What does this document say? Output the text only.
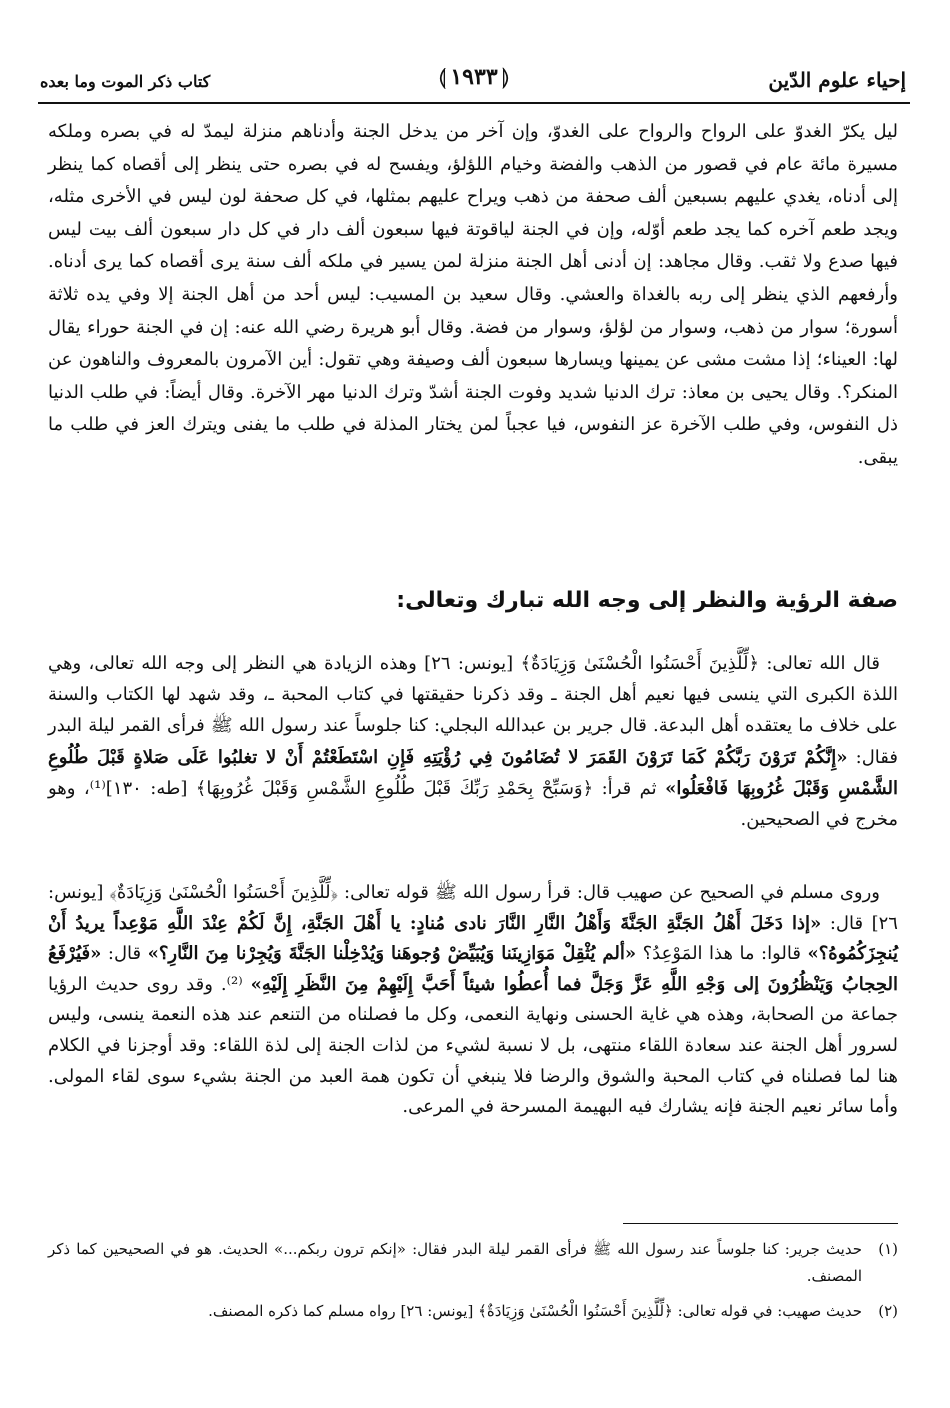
إحياء علوم الدّين
⟬ ١٩٣٣ ⟭
كتاب ذكر الموت وما بعده

ليل يكرّ الغدوّ على الرواح والرواح على الغدوّ، وإن آخر من يدخل الجنة وأدناهم منزلة ليمدّ له في بصره وملكه مسيرة مائة عام في قصور من الذهب والفضة وخيام اللؤلؤ، ويفسح له في بصره حتى ينظر إلى أقصاه كما ينظر إلى أدناه، يغدي عليهم بسبعين ألف صحفة من ذهب ويراح عليهم بمثلها، في كل صحفة لون ليس في الأخرى مثله، ويجد طعم آخره كما يجد طعم أوّله، وإن في الجنة لياقوتة فيها سبعون ألف دار في كل دار سبعون ألف بيت ليس فيها صدع ولا ثقب. وقال مجاهد: إن أدنى أهل الجنة منزلة لمن يسير في ملكه ألف سنة يرى أقصاه كما يرى أدناه. وأرفعهم الذي ينظر إلى ربه بالغداة والعشي. وقال سعيد بن المسيب: ليس أحد من أهل الجنة إلا وفي يده ثلاثة أسورة؛ سوار من ذهب، وسوار من لؤلؤ، وسوار من فضة. وقال أبو هريرة رضي الله عنه: إن في الجنة حوراء يقال لها: العيناء؛ إذا مشت مشى عن يمينها ويسارها سبعون ألف وصيفة وهي تقول: أين الآمرون بالمعروف والناهون عن المنكر؟. وقال يحيى بن معاذ: ترك الدنيا شديد وفوت الجنة أشدّ وترك الدنيا مهر الآخرة. وقال أيضاً: في طلب الدنيا ذل النفوس، وفي طلب الآخرة عز النفوس، فيا عجباً لمن يختار المذلة في طلب ما يفنى ويترك العز في طلب ما يبقى.

صفة الرؤية والنظر إلى وجه الله تبارك وتعالى:

قال الله تعالى: ﴿لِّلَّذِينَ أَحْسَنُوا الْحُسْنَىٰ وَزِيَادَةٌ﴾ [يونس: ٢٦] وهذه الزيادة هي النظر إلى وجه الله تعالى، وهي اللذة الكبرى التي ينسى فيها نعيم أهل الجنة ـ وقد ذكرنا حقيقتها في كتاب المحبة ـ، وقد شهد لها الكتاب والسنة على خلاف ما يعتقده أهل البدعة. قال جرير بن عبدالله البجلي: كنا جلوساً عند رسول الله ﷺ فرأى القمر ليلة البدر فقال: «إِنَّكُمْ تَرَوْنَ رَبَّكُمْ كَمَا تَرَوْنَ القَمَرَ لا تُضَامُونَ فِي رُؤْيَتِهِ فَإِنِ اسْتَطَعْتُمْ أَنْ لا تغلبُوا عَلَى صَلاةٍ قَبْلَ طُلُوعِ الشَّمْسِ وَقَبْلَ غُرُوبِهَا فَافْعَلُوا» ثم قرأ: ﴿وَسَبِّحْ بِحَمْدِ رَبِّكَ قَبْلَ طُلُوعِ الشَّمْسِ وَقَبْلَ غُرُوبِهَا﴾ [طه: ١٣٠]⁽¹⁾، وهو مخرج في الصحيحين.

وروى مسلم في الصحيح عن صهيب قال: قرأ رسول الله ﷺ قوله تعالى: ﴿لِّلَّذِينَ أَحْسَنُوا الْحُسْنَىٰ وَزِيَادَةٌ﴾ [يونس: ٢٦] قال: «إذا دَخَلَ أَهْلُ الجَنَّةِ الجَنَّةَ وَأَهْلُ النَّارِ النَّارَ نادى مُنادٍ: يا أَهْلَ الجَنَّةِ، إِنَّ لَكُمْ عِنْدَ اللَّهِ مَوْعِداً يريدُ أَنْ يُنجِزَكُمُوهُ؟» قالوا: ما هذا المَوْعِدُ؟ «ألم يُثْقِلْ مَوَازِينَنا وَيُبَيِّضْ وُجوهَنا وَيُدْخِلْنا الجَنَّةَ وَيُجِرْنا مِنَ النَّارِ؟» قال: «فَيُرْفَعُ الحِجابُ وَيَنْظُرُونَ إلى وَجْهِ اللَّهِ عَزَّ وَجَلَّ فما أُعطُوا شيئاً أَحَبَّ إِلَيْهِمْ مِنَ النَّظَرِ إِلَيْهِ» ⁽²⁾. وقد روى حديث الرؤيا جماعة من الصحابة، وهذه هي غاية الحسنى ونهاية النعمى، وكل ما فصلناه من التنعم عند هذه النعمة ينسى، وليس لسرور أهل الجنة عند سعادة اللقاء منتهى، بل لا نسبة لشيء من لذات الجنة إلى لذة اللقاء: وقد أوجزنا في الكلام هنا لما فصلناه في كتاب المحبة والشوق والرضا فلا ينبغي أن تكون همة العبد من الجنة بشيء سوى لقاء المولى. وأما سائر نعيم الجنة فإنه يشارك فيه البهيمة المسرحة في المرعى.

(١)
حديث جرير: كنا جلوساً عند رسول الله ﷺ فرأى القمر ليلة البدر فقال: «إنكم ترون ربكم...» الحديث. هو في الصحيحين كما ذكر المصنف.
(٢)
حديث صهيب: في قوله تعالى: ﴿لِّلَّذِينَ أَحْسَنُوا الْحُسْنَىٰ وَزِيَادَةٌ﴾ [يونس: ٢٦] رواه مسلم كما ذكره المصنف.
